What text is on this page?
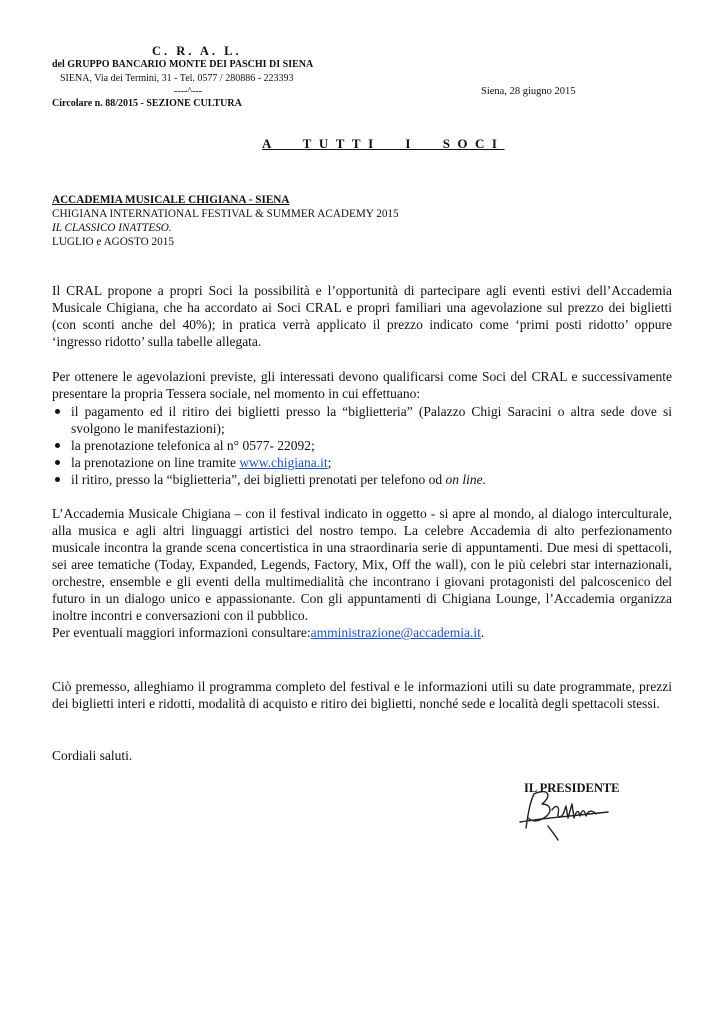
C. R. A. L.
del GRUPPO BANCARIO MONTE DEI PASCHI DI SIENA
SIENA, Via dei Termini, 31 - Tel. 0577 / 280886 - 223393
----^---
Circolare n. 88/2015 - SEZIONE CULTURA
Siena, 28 giugno 2015
A TUTTI I SOCI
ACCADEMIA MUSICALE CHIGIANA - SIENA
CHIGIANA INTERNATIONAL FESTIVAL & SUMMER ACADEMY 2015
IL CLASSICO INATTESO.
LUGLIO e AGOSTO 2015
Il CRAL propone a propri Soci la possibilità e l’opportunità di partecipare agli eventi estivi dell’Accademia Musicale Chigiana, che ha accordato ai Soci CRAL e propri familiari una agevolazione sul prezzo dei biglietti (con sconti anche del 40%); in pratica verrà applicato il prezzo indicato come ‘primi posti ridotto’ oppure ‘ingresso ridotto’ sulla tabelle allegata.
Per ottenere le agevolazioni previste, gli interessati devono qualificarsi come Soci del CRAL e successivamente presentare la propria Tessera sociale, nel momento in cui effettuano:
il pagamento ed il ritiro dei biglietti presso la “biglietteria” (Palazzo Chigi Saracini o altra sede dove si svolgono le manifestazioni);
la prenotazione telefonica al n° 0577- 22092;
la prenotazione on line tramite www.chigiana.it;
il ritiro, presso la “biglietteria”, dei biglietti prenotati per telefono od on line.
L’Accademia Musicale Chigiana – con il festival indicato in oggetto - si apre al mondo, al dialogo interculturale, alla musica e agli altri linguaggi artistici del nostro tempo. La celebre Accademia di alto perfezionamento musicale incontra la grande scena concertistica in una straordinaria serie di appuntamenti. Due mesi di spettacoli, sei aree tematiche (Today, Expanded, Legends, Factory, Mix, Off the wall), con le più celebri star internazionali, orchestre, ensemble e gli eventi della multimedialità che incontrano i giovani protagonisti del palcoscenico del futuro in un dialogo unico e appassionante. Con gli appuntamenti di Chigiana Lounge, l’Accademia organizza inoltre incontri e conversazioni con il pubblico.
Per eventuali maggiori informazioni consultare:amministrazione@accademia.it.
Ciò premesso, alleghiamo il programma completo del festival e le informazioni utili su date programmate, prezzi dei biglietti interi e ridotti, modalità di acquisto e ritiro dei biglietti, nonché sede e località degli spettacoli stessi.
Cordiali saluti.
IL PRESIDENTE
